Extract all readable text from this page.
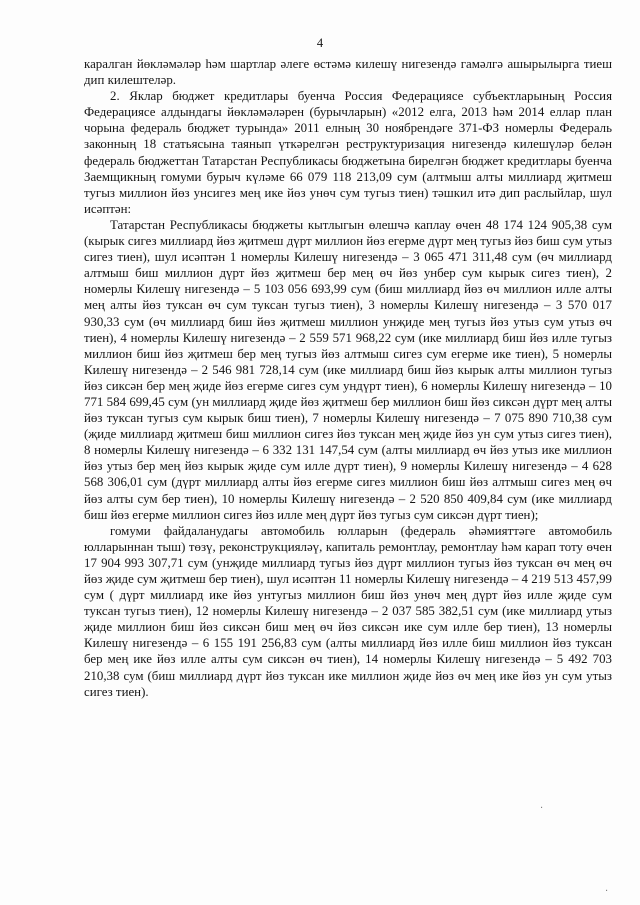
4

каралган йөкләмәләр һәм шартлар әлеге өстәмә килешү нигезендә гамәлгә ашырылырга тиеш дип килештеләр.

2. Яклар бюджет кредитлары буенча Россия Федерациясе субъектларының Россия Федерациясе алдындагы йөкләмәләрен (бурычларын) «2012 елга, 2013 һәм 2014 еллар план чорына федераль бюджет турында» 2011 елның 30 ноябрендәге 371-ФЗ номерлы Федераль законның 18 статьясына таянып үткәрелгән реструктуризация нигезендә килешүләр белән федераль бюджеттан Татарстан Республикасы бюджетына бирелгән бюджет кредитлары буенча Заемщикның гомуми бурыч күләме 66 079 118 213,09 сум (алтмыш алты миллиард җитмеш тугыз миллион йөз унсигез мең ике йөз унөч сум тугыз тиен) тәшкил итә дип раслыйлар, шул исәптән:

Татарстан Республикасы бюджеты кытлыгын өлешчә каплау өчен 48 174 124 905,38 сум (кырык сигез миллиард йөз җитмеш дүрт миллион йөз егерме дүрт мең тугыз йөз биш сум утыз сигез тиен), шул исәптән 1 номерлы Килешү нигезендә – 3 065 471 311,48 сум (өч миллиард алтмыш биш миллион дүрт йөз җитмеш бер мең өч йөз унбер сум кырык сигез тиен), 2 номерлы Килешү нигезендә – 5 103 056 693,99 сум (биш миллиард йөз өч миллион илле алты мең алты йөз туксан өч сум туксан тугыз тиен), 3 номерлы Килешү нигезендә – 3 570 017 930,33 сум (өч миллиард биш йөз җитмеш миллион унҗиде мең тугыз йөз утыз сум утыз өч тиен), 4 номерлы Килешү нигезендә – 2 559 571 968,22 сум (ике миллиард биш йөз илле тугыз миллион биш йөз җитмеш бер мең тугыз йөз алтмыш сигез сум егерме ике тиен), 5 номерлы Килешү нигезендә – 2 546 981 728,14 сум (ике миллиард биш йөз кырык алты миллион тугыз йөз сиксән бер мең җиде йөз егерме сигез сум ундүрт тиен), 6 номерлы Килешү нигезендә – 10 771 584 699,45 сум (ун миллиард җиде йөз җитмеш бер миллион биш йөз сиксән дүрт мең алты йөз туксан тугыз сум кырык биш тиен), 7 номерлы Килешү нигезендә – 7 075 890 710,38 сум (җиде миллиард җитмеш биш миллион сигез йөз туксан мең җиде йөз ун сум утыз сигез тиен), 8 номерлы Килешү нигезендә – 6 332 131 147,54 сум (алты миллиард өч йөз утыз ике миллион йөз утыз бер мең йөз кырык җиде сум илле дүрт тиен), 9 номерлы Килешү нигезендә – 4 628 568 306,01 сум (дүрт миллиард алты йөз егерме сигез миллион биш йөз алтмыш сигез мең өч йөз алты сум бер тиен), 10 номерлы Килешү нигезендә – 2 520 850 409,84 сум (ике миллиард биш йөз егерме миллион сигез йөз илле мең дүрт йөз тугыз сум сиксән дүрт тиен);

гомуми файдаланудагы автомобиль юлларын (федераль әһәмияттәге автомобиль юлларыннан тыш) төзү, реконструкцияләү, капиталь ремонтлау, ремонтлау һәм карап тоту өчен 17 904 993 307,71 сум (унҗиде миллиард тугыз йөз дүрт миллион тугыз йөз туксан өч мең өч йөз җиде сум җитмеш бер тиен), шул исәптән 11 номерлы Килешү нигезендә – 4 219 513 457,99 сум ( дүрт миллиард ике йөз унтугыз миллион биш йөз унөч мең дүрт йөз илле җиде сум туксан тугыз тиен), 12 номерлы Килешү нигезендә – 2 037 585 382,51 сум (ике миллиард утыз җиде миллион биш йөз сиксән биш мең өч йөз сиксән ике сум илле бер тиен), 13 номерлы Килешү нигезендә – 6 155 191 256,83 сум (алты миллиард йөз илле биш миллион йөз туксан бер мең ике йөз илле алты сум сиксән өч тиен), 14 номерлы Килешү нигезендә – 5 492 703 210,38 сум (биш миллиард дүрт йөз туксан ике миллион җиде йөз өч мең ике йөз ун сум утыз сигез тиен).

.
·
